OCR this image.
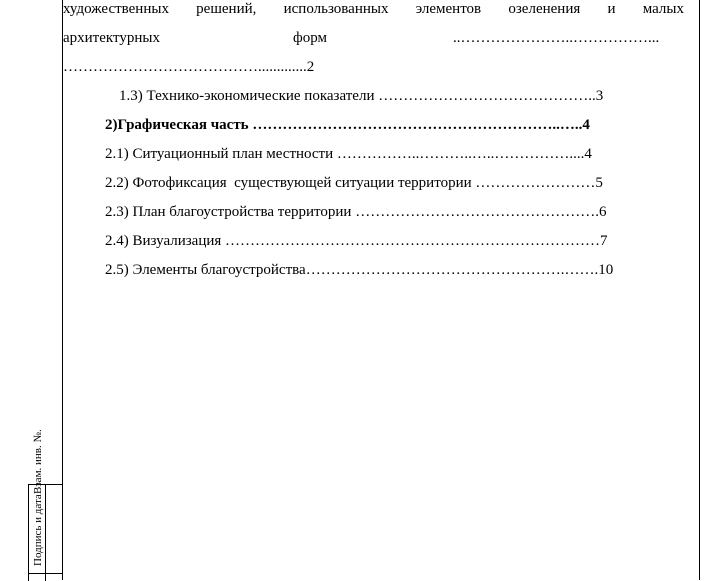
художественных решений, использованных элементов озеленения и малых
архитектурных	форм	..…………………..……………...
………………………………….............2
1.3) Технико-экономические показатели ……………………………………..3
2)Графическая часть ……………………………………………………..…..4
2.1) Ситуационный план местности ……………..………..…..……………....4
2.2) Фотофиксация  существующей ситуации территории ……………………5
2.3) План благоустройства территории ………………………………………….6
2.4) Визуализация …………………………………………………………………7
2.5) Элементы благоустройства…………………………………………….…….10
Подпись и дата
Взам. инв. №.
